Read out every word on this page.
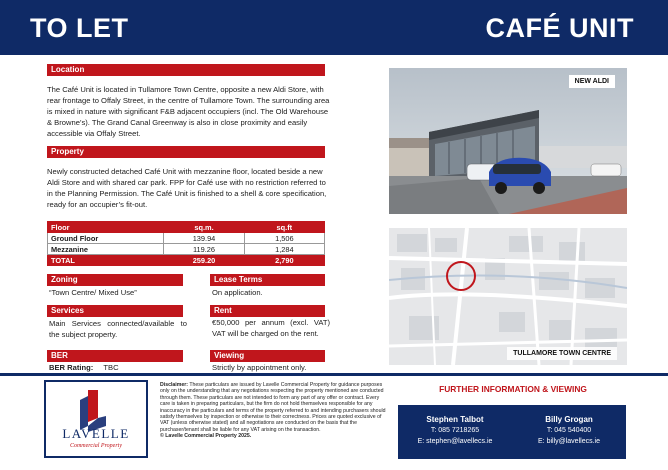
TO LET	CAFÉ UNIT
Location
The Café Unit is located in Tullamore Town Centre, opposite a new Aldi Store, with rear frontage to Offaly Street, in the centre of Tullamore Town. The surrounding area is mixed in nature with significant F&B adjacent occupiers (incl. The Old Warehouse & Browne’s). The Grand Canal Greenway is also in close proximity and easily accessible via Offaly Street.
Property
Newly constructed detached Café Unit with mezzanine floor, located beside a new Aldi Store and with shared car park. FPP for Café use with no restriction referred to in the Planning Permission. The Café Unit is finished to a shell & core specification, ready for an occupier’s fit-out.
Floor	sq.m.	sq.ft
Ground Floor	139.94	1,506
Mezzanine	119.26	1,284
TOTAL	259.20	2,790
Zoning
“Town Centre/ Mixed Use”
Lease Terms
On application.
Services
Main Services connected/available to the subject property.
Rent
€50,000 per annum (excl. VAT) VAT will be charged on the rent.
BER
BER Rating: TBC
Viewing
Strictly by appointment only.
NEW ALDI
TULLAMORE TOWN CENTRE
LAVELLE
Commercial Property
Disclaimer: These particulars are issued by Lavelle Commercial Property for guidance purposes only on the understanding that any negotiations respecting the property mentioned are conducted through them. These particulars are not intended to form any part of any offer or contract. Every care is taken in preparing particulars, but the firm do not hold themselves responsible for any inaccuracy in the particulars and terms of the property referred to and intending purchasers should satisfy themselves by inspection or otherwise to their correctness. Prices are quoted exclusive of VAT (unless otherwise stated) and all negotiations are conducted on the basis that the purchaser/tenant shall be liable for any VAT arising on the transaction.
© Lavelle Commercial Property 2025.
FURTHER INFORMATION & VIEWING
Stephen Talbot
T: 085 7218265
E: stephen@lavellecs.ie
Billy Grogan
T: 045 540400
E: billy@lavellecs.ie
